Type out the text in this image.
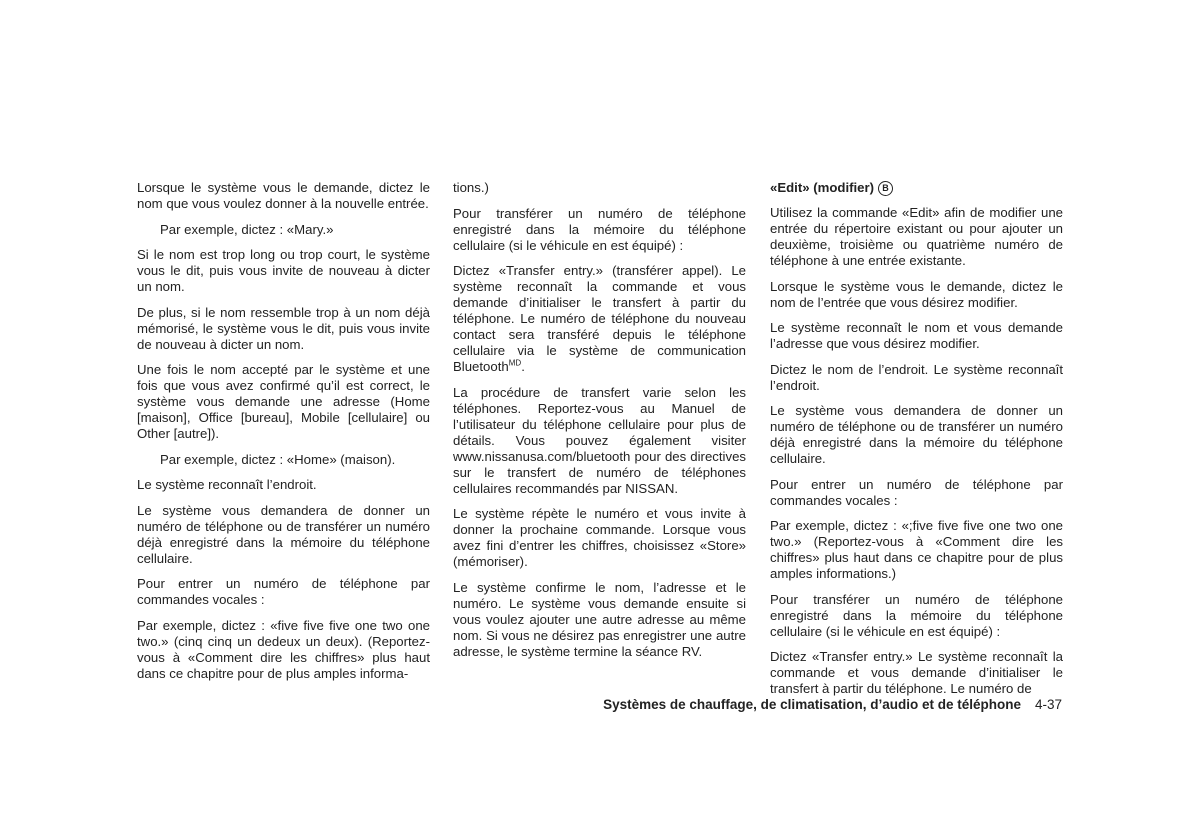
Lorsque le système vous le demande, dictez le nom que vous voulez donner à la nouvelle entrée.

Par exemple, dictez : «Mary.»

Si le nom est trop long ou trop court, le système vous le dit, puis vous invite de nouveau à dicter un nom.

De plus, si le nom ressemble trop à un nom déjà mémorisé, le système vous le dit, puis vous invite de nouveau à dicter un nom.

Une fois le nom accepté par le système et une fois que vous avez confirmé qu’il est correct, le système vous demande une adresse (Home [maison], Office [bureau], Mobile [cellulaire] ou Other [autre]).

Par exemple, dictez : «Home» (maison).

Le système reconnaît l’endroit.

Le système vous demandera de donner un numéro de téléphone ou de transférer un numéro déjà enregistré dans la mémoire du téléphone cellulaire.

Pour entrer un numéro de téléphone par commandes vocales :

Par exemple, dictez : «five five five one two one two.» (cinq cinq un dedeux un deux). (Reportez-vous à «Comment dire les chiffres» plus haut dans ce chapitre pour de plus amples informa-

tions.)

Pour transférer un numéro de téléphone enregistré dans la mémoire du téléphone cellulaire (si le véhicule en est équipé) :

Dictez «Transfer entry.» (transférer appel). Le système reconnaît la commande et vous demande d’initialiser le transfert à partir du téléphone. Le numéro de téléphone du nouveau contact sera transféré depuis le téléphone cellulaire via le système de communication Bluetooth$^{MD}$.

La procédure de transfert varie selon les téléphones. Reportez-vous au Manuel de l’utilisateur du téléphone cellulaire pour plus de détails. Vous pouvez également visiter www.nissanusa.com/bluetooth pour des directives sur le transfert de numéro de téléphones cellulaires recommandés par NISSAN.

Le système répète le numéro et vous invite à donner la prochaine commande. Lorsque vous avez fini d’entrer les chiffres, choisissez «Store» (mémoriser).

Le système confirme le nom, l’adresse et le numéro. Le système vous demande ensuite si vous voulez ajouter une autre adresse au même nom. Si vous ne désirez pas enregistrer une autre adresse, le système termine la séance RV.

«Edit» (modifier) B

Utilisez la commande «Edit» afin de modifier une entrée du répertoire existant ou pour ajouter un deuxième, troisième ou quatrième numéro de téléphone à une entrée existante.

Lorsque le système vous le demande, dictez le nom de l’entrée que vous désirez modifier.

Le système reconnaît le nom et vous demande l’adresse que vous désirez modifier.

Dictez le nom de l’endroit. Le système reconnaît l’endroit.

Le système vous demandera de donner un numéro de téléphone ou de transférer un numéro déjà enregistré dans la mémoire du téléphone cellulaire.

Pour entrer un numéro de téléphone par commandes vocales :

Par exemple, dictez : «;five five five one two one two.» (Reportez-vous à «Comment dire les chiffres» plus haut dans ce chapitre pour de plus amples informations.)

Pour transférer un numéro de téléphone enregistré dans la mémoire du téléphone cellulaire (si le véhicule en est équipé) :

Dictez «Transfer entry.» Le système reconnaît la commande et vous demande d’initialiser le transfert à partir du téléphone. Le numéro de

Systèmes de chauffage, de climatisation, d’audio et de téléphone 4-37
